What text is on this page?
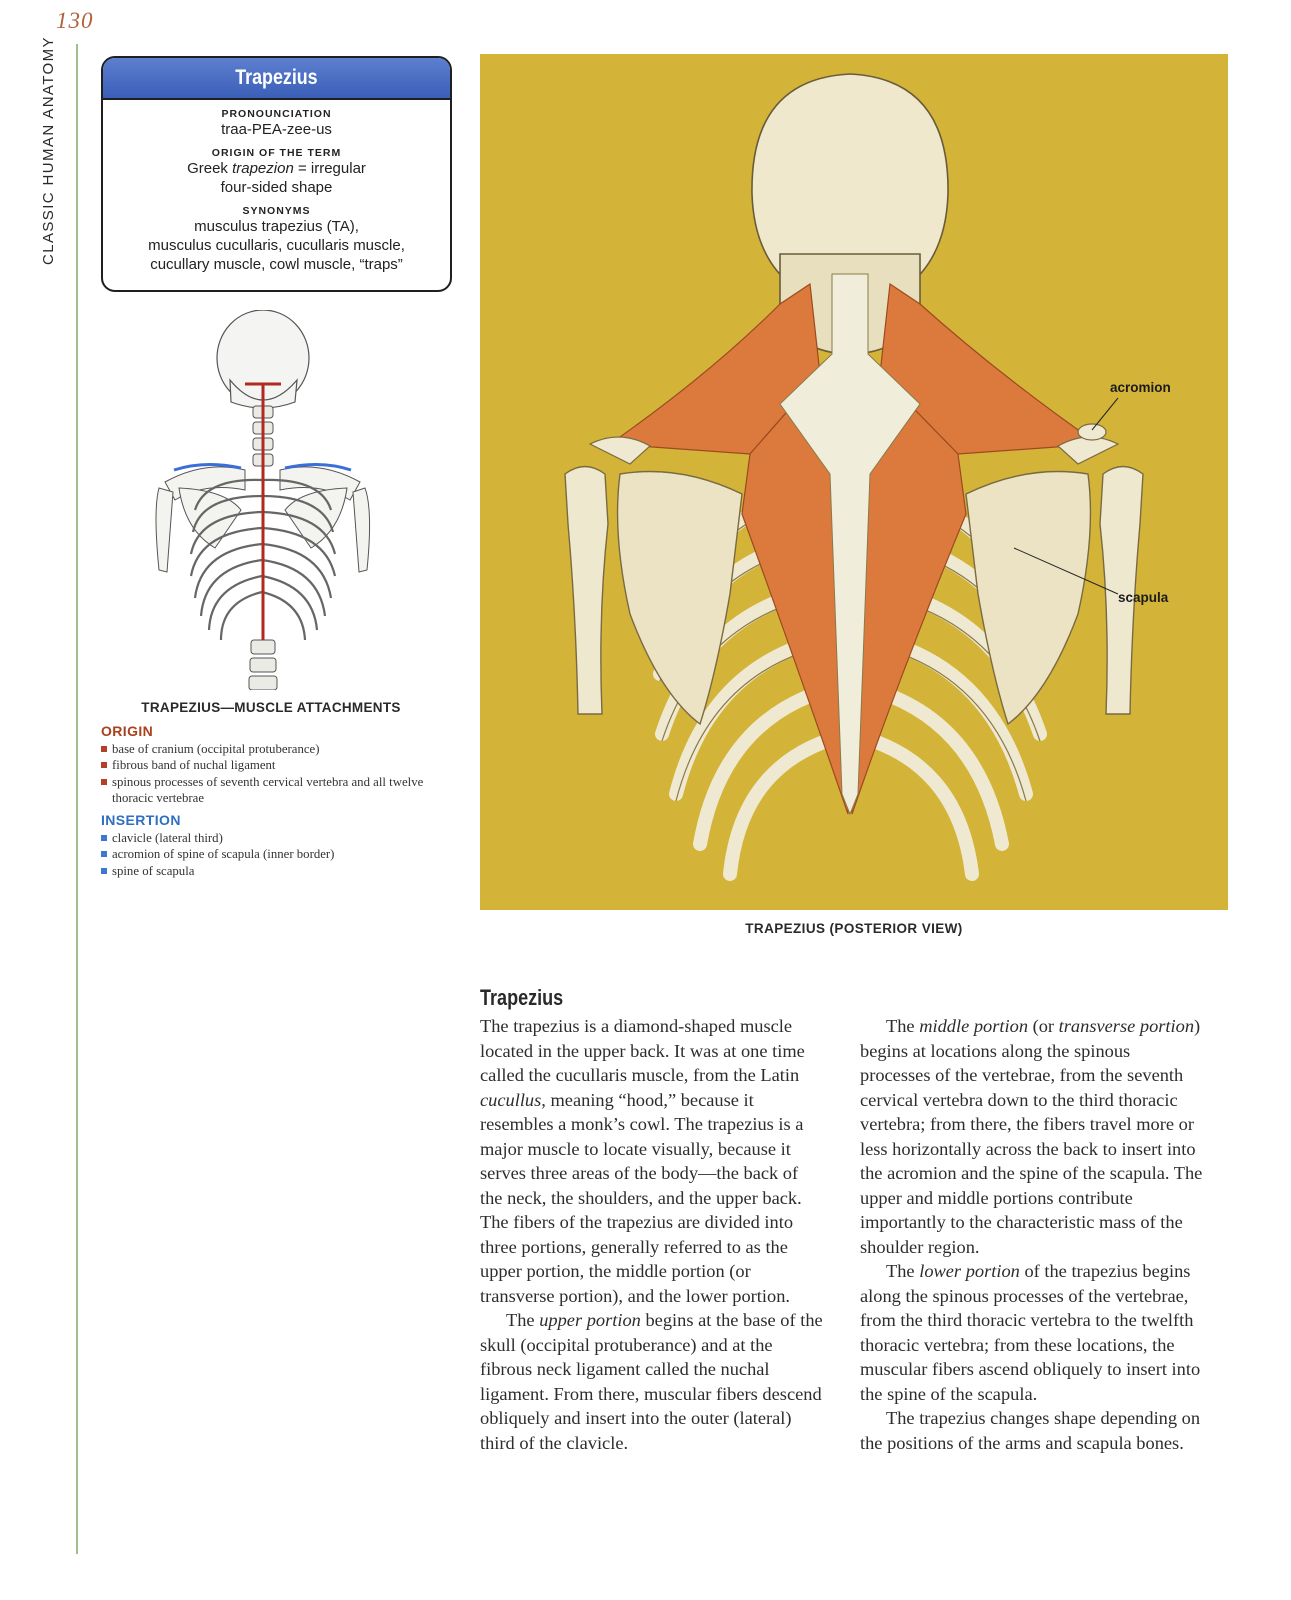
130
CLASSIC HUMAN ANATOMY	Trapezius
PRONOUNCIATION
traa-PEA-zee-us
ORIGIN OF THE TERM
Greek trapezion = irregular
four-sided shape
SYNONYMS
musculus trapezius (TA),
musculus cucullaris, cucullaris muscle,
cucullary muscle, cowl muscle, “traps”
TRAPEZIUS—MUSCLE ATTACHMENTS
ORIGIN
base of cranium (occipital protuberance)
fibrous band of nuchal ligament
spinous processes of seventh cervical vertebra and all twelve thoracic vertebrae
INSERTION
clavicle (lateral third)
acromion of spine of scapula (inner border)
spine of scapula
acromion
scapula
TRAPEZIUS (POSTERIOR VIEW)
Trapezius

The trapezius is a diamond-shaped muscle located in the upper back. It was at one time called the cucullaris muscle, from the Latin cucullus, meaning “hood,” because it resembles a monk’s cowl. The trapezius is a major muscle to locate visually, because it serves three areas of the body—the back of the neck, the shoulders, and the upper back. The fibers of the trapezius are divided into three portions, generally referred to as the upper portion, the middle portion (or transverse portion), and the lower portion.

The upper portion begins at the base of the skull (occipital protuberance) and at the fibrous neck ligament called the nuchal ligament. From there, muscular fibers descend obliquely and insert into the outer (lateral) third of the clavicle.

The middle portion (or transverse portion) begins at locations along the spinous processes of the vertebrae, from the seventh cervical vertebra down to the third thoracic vertebra; from there, the fibers travel more or less horizontally across the back to insert into the acromion and the spine of the scapula. The upper and middle portions contribute importantly to the characteristic mass of the shoulder region.

The lower portion of the trapezius begins along the spinous processes of the vertebrae, from the third thoracic vertebra to the twelfth thoracic vertebra; from these locations, the muscular fibers ascend obliquely to insert into the spine of the scapula.

The trapezius changes shape depending on the positions of the arms and scapula bones.
